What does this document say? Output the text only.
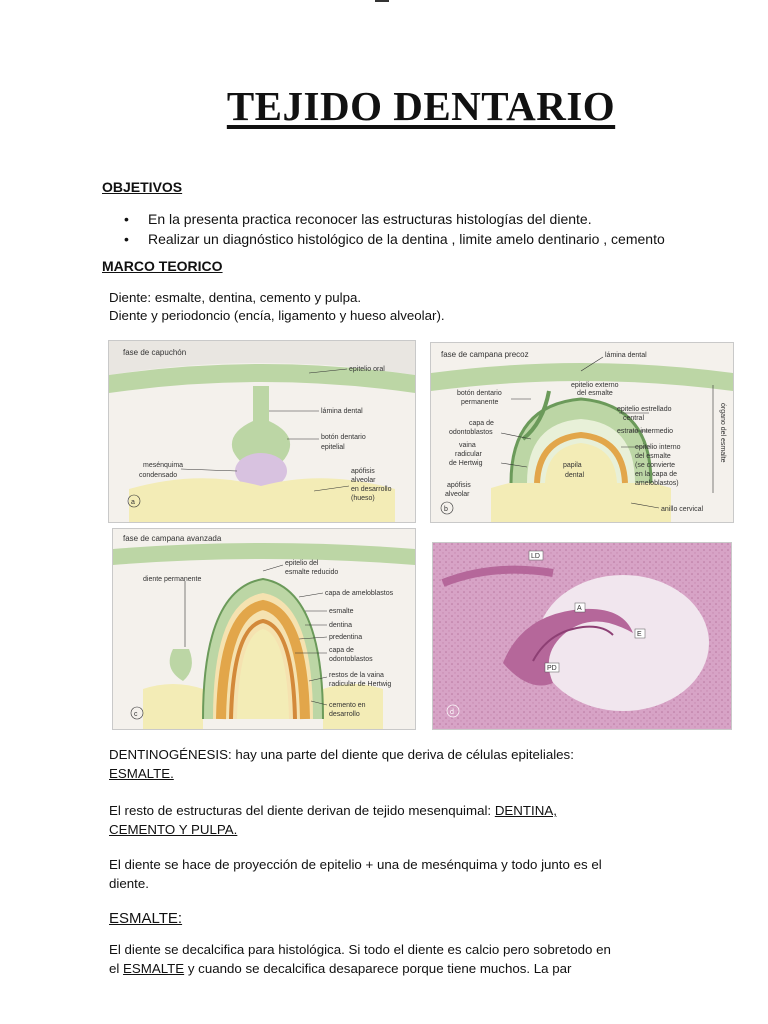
TEJIDO DENTARIO
OBJETIVOS
• En la presenta practica reconocer las estructuras histologías del diente.
• Realizar un diagnóstico histológico de la dentina , limite amelo dentinario , cemento
MARCO TEORICO
Diente: esmalte, dentina, cemento y pulpa.
Diente y periodoncio (encía, ligamento y hueso alveolar).
fase de capuchón
epitelio oral
lámina dental
botón dentario
epitelial
mesénquima
condensado
apófisis
alveolar
en desarrollo
(hueso)
a
fase de campana precoz	lámina dental
epitelio externo
del esmalte
botón dentario
permanente
epitelio estrellado
central
capa de
odontoblastos	estrato intermedio
vaina
radicular
de Hertwig
epitelio interno
del esmalte
(se convierte
en la capa de
ameloblastos)
papila
dental
apófisis
alveolar
anillo cervical
órgano del esmalte
b
fase de campana avanzada
epitelio del
esmalte reducido
diente permanente
capa de ameloblastos
esmalte
dentina
predentina
capa de
odontoblastos
restos de la vaina
radicular de Hertwig
cemento en
desarrollo
c
LD
A
E
PD
d
DENTINOGÉNESIS: hay una parte del diente que deriva de células epiteliales:
ESMALTE.
El resto de estructuras del diente derivan de tejido mesenquimal: DENTINA,
CEMENTO Y PULPA.
El diente se hace de proyección de epitelio + una de mesénquima y todo junto es el
diente.
ESMALTE:
El diente se decalcifica para histológica. Si todo el diente es calcio pero sobretodo en
el ESMALTE y cuando se decalcifica desaparece porque tiene muchos. La par
